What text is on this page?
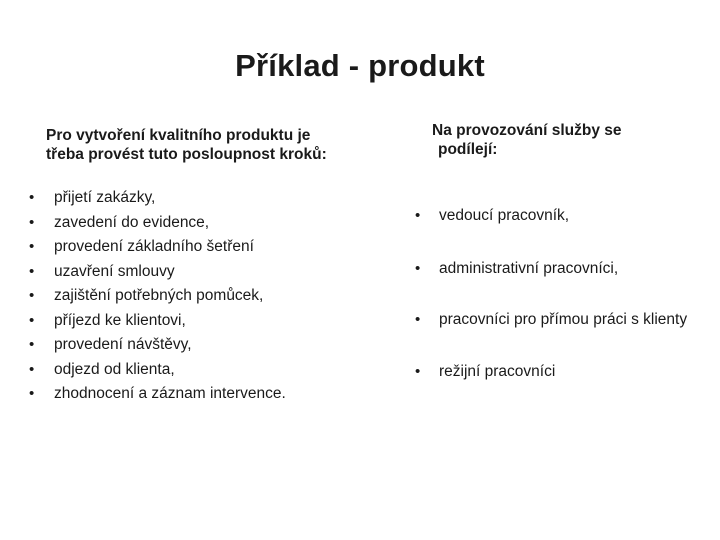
Příklad - produkt
Pro vytvoření kvalitního produktu je
třeba provést tuto posloupnost kroků:
• přijetí zakázky,
• zavedení do evidence,
• provedení základního šetření
• uzavření smlouvy
• zajištění potřebných pomůcek,
• příjezd ke klientovi,
• provedení návštěvy,
• odjezd od klienta,
• zhodnocení a záznam intervence.
Na provozování služby se
podílejí:
• vedoucí pracovník,
• administrativní pracovníci,
• pracovníci pro přímou práci s klienty
• režijní pracovníci
